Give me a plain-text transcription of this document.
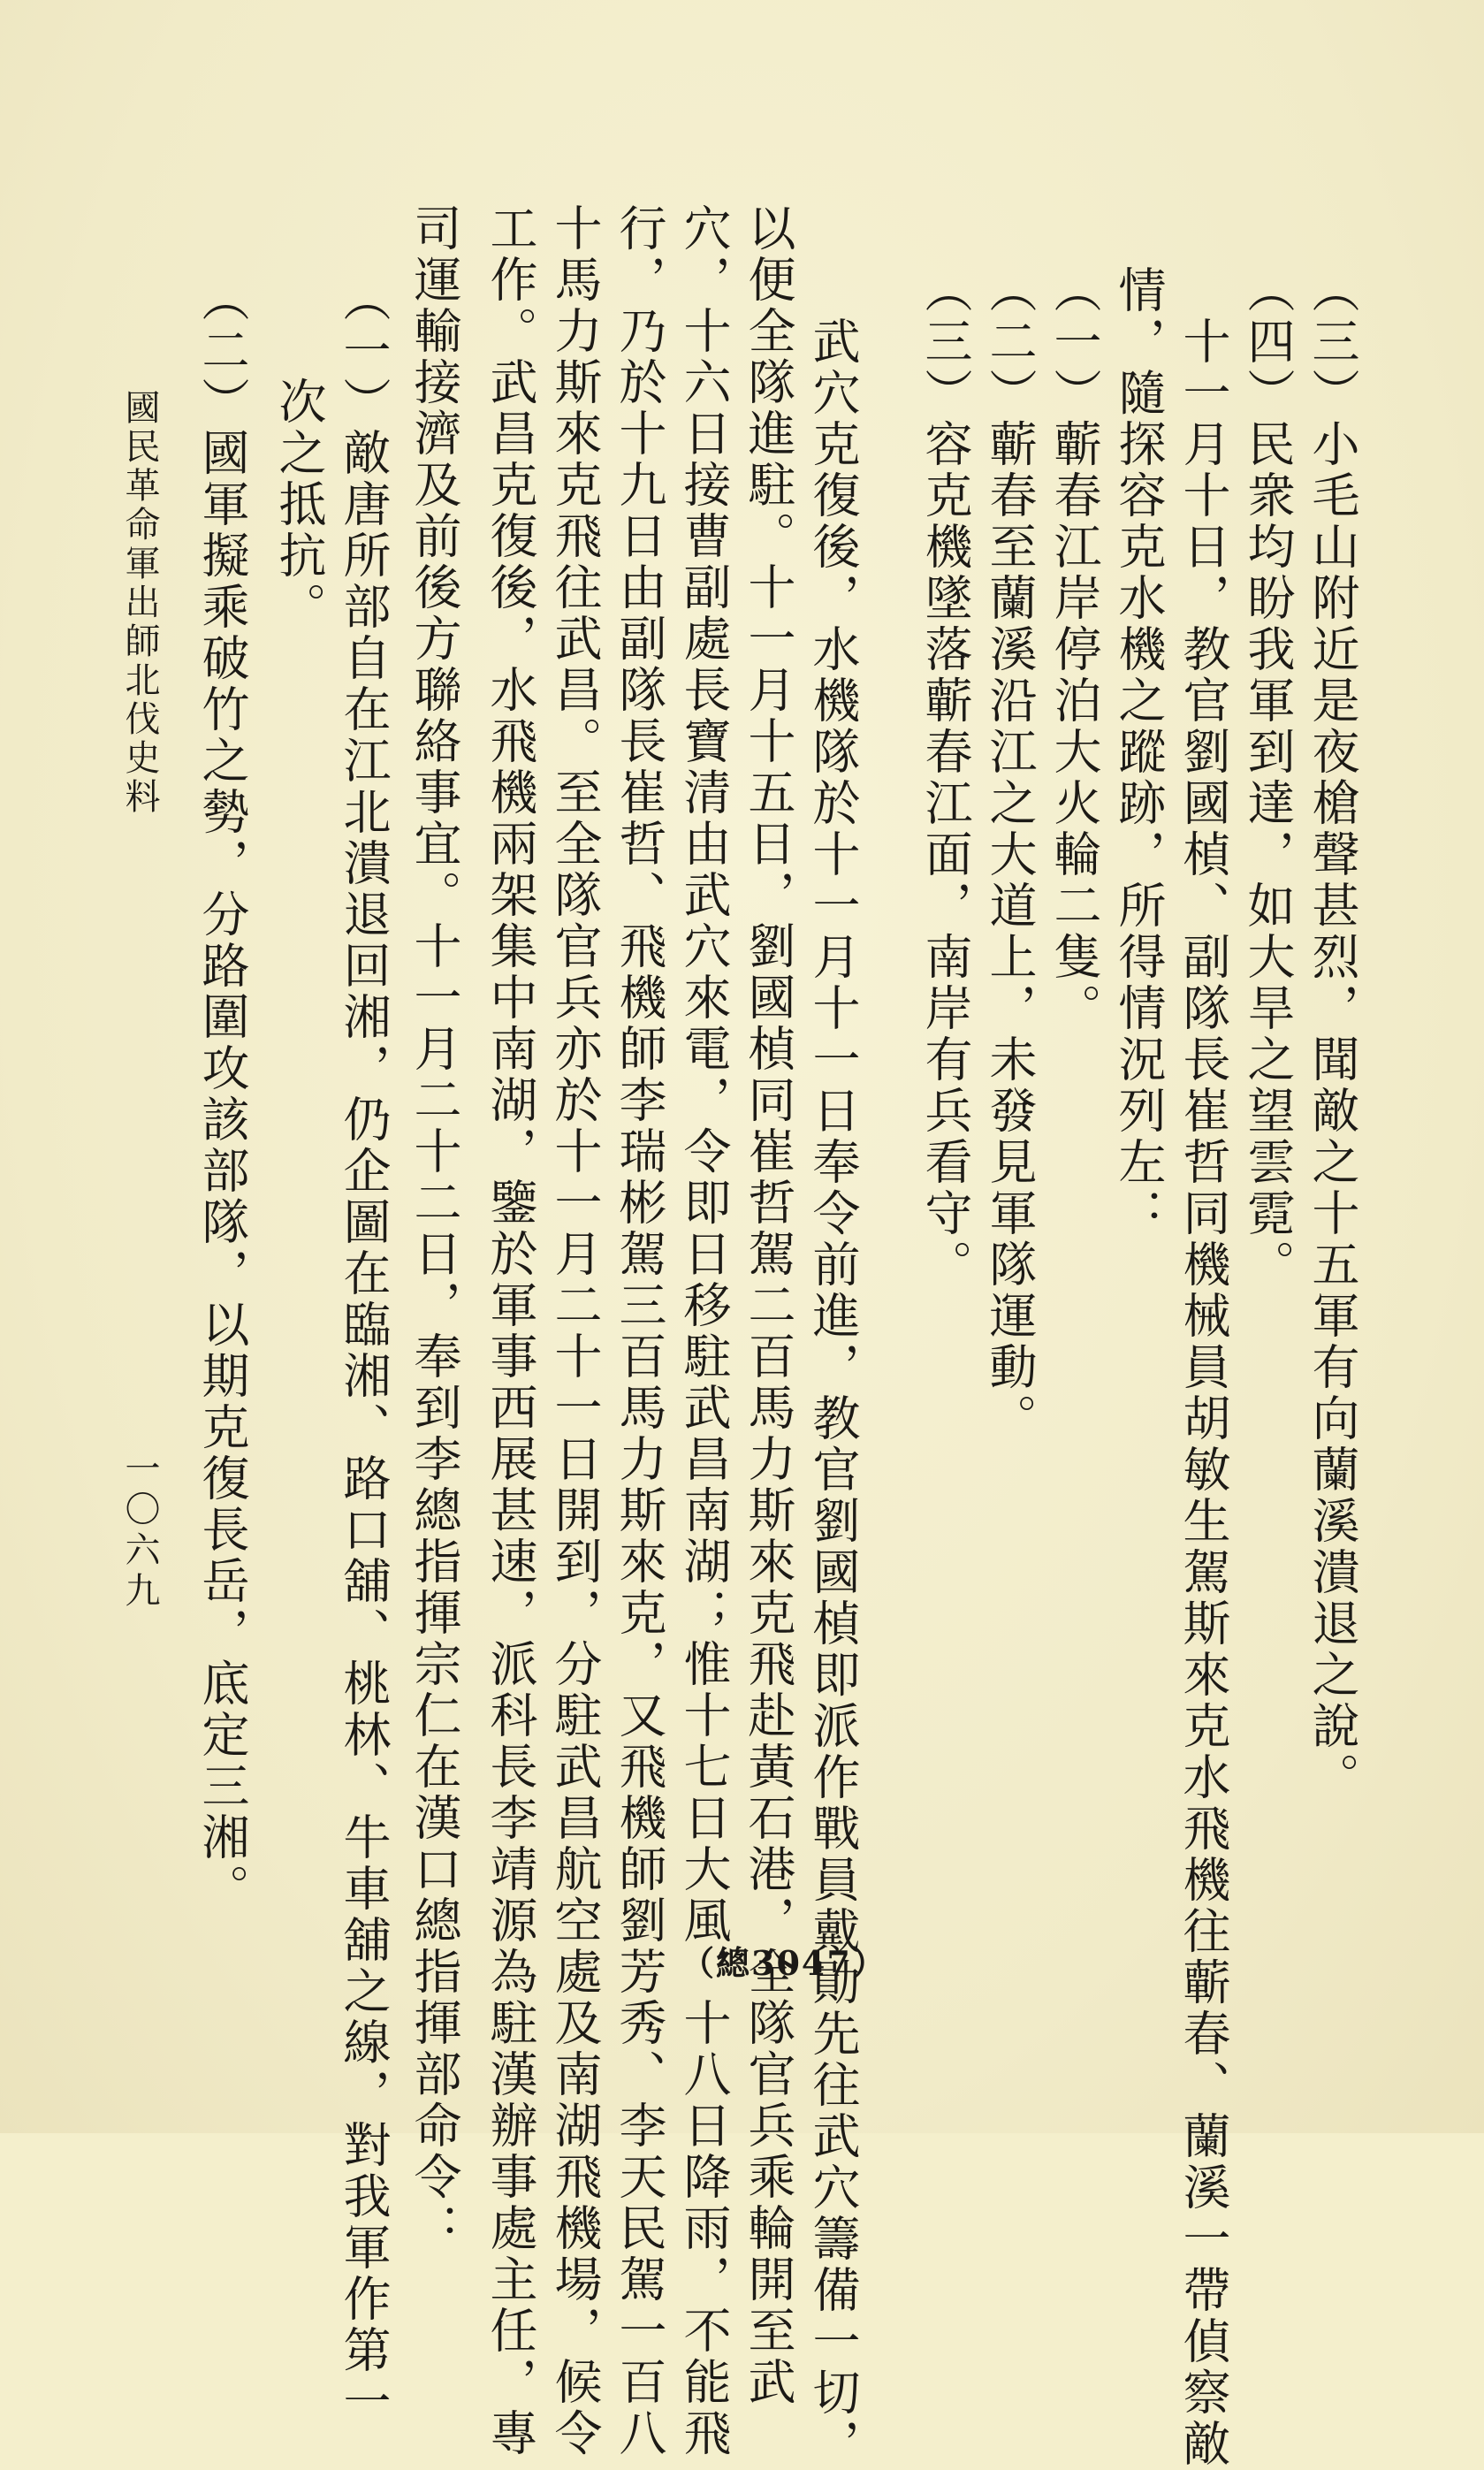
（三）小毛山附近是夜槍聲甚烈，聞敵之十五軍有向蘭溪潰退之說。
（四）民衆均盼我軍到達，如大旱之望雲霓。
　十一月十日，教官劉國楨、副隊長崔哲同機械員胡敏生駕斯來克水飛機往蘄春、蘭溪一帶偵察敵
情，隨探容克水機之蹤跡，所得情況列左：
（一）蘄春江岸停泊大火輪二隻。
（二）蘄春至蘭溪沿江之大道上，未發見軍隊運動。
（三）容克機墜落蘄春江面，南岸有兵看守。
　武穴克復後，水機隊於十一月十一日奉令前進，教官劉國楨即派作戰員戴勛先往武穴籌備一切，
以便全隊進駐。十一月十五日，劉國楨同崔哲駕二百馬力斯來克飛赴黃石港，全隊官兵乘輪開至武
穴，十六日接曹副處長寶清由武穴來電，令即日移駐武昌南湖；惟十七日大風，十八日降雨，不能飛
行，乃於十九日由副隊長崔哲、飛機師李瑞彬駕三百馬力斯來克，又飛機師劉芳秀、李天民駕一百八
十馬力斯來克飛往武昌。至全隊官兵亦於十一月二十一日開到，分駐武昌航空處及南湖飛機場，候令
工作。武昌克復後，水飛機兩架集中南湖，鑒於軍事西展甚速，派科長李靖源為駐漢辦事處主任，專
司運輸接濟及前後方聯絡事宜。十一月二十二日，奉到李總指揮宗仁在漢口總指揮部命令：
（一）敵唐所部自在江北潰退回湘，仍企圖在臨湘、路口舖、桃林、牛車舖之線，對我軍作第一
　　次之抵抗。
（二）國軍擬乘破竹之勢，分路圍攻該部隊，以期克復長岳，底定三湘。
國民革命軍出師北伐史料
一〇六九
（總3047）
